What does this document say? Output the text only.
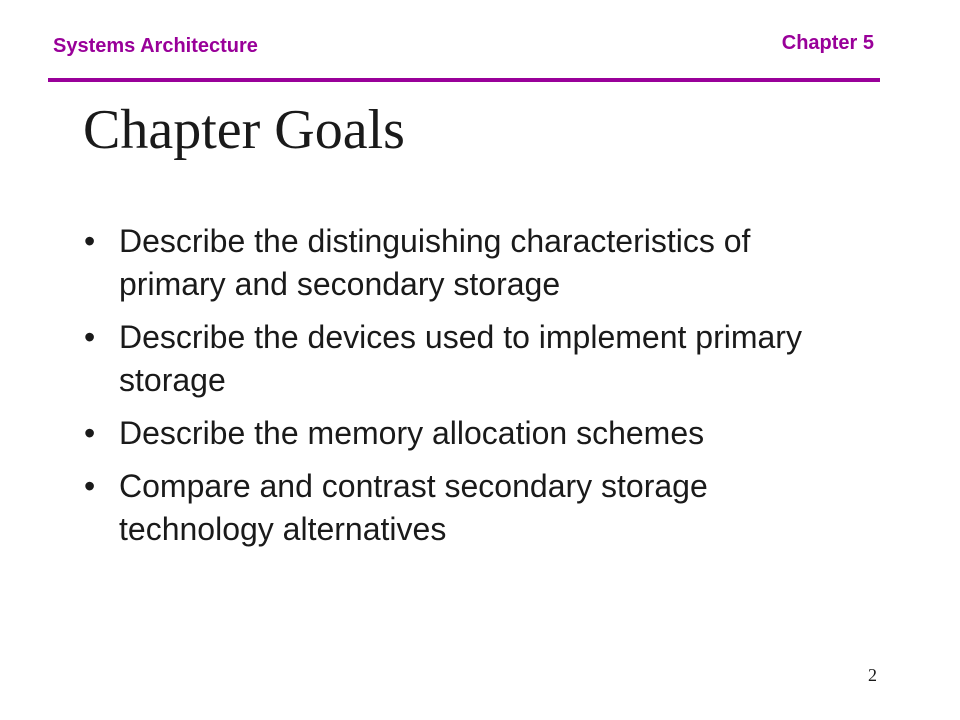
Systems Architecture	Chapter 5
Chapter Goals
• Describe the distinguishing characteristics of primary and secondary storage
• Describe the devices used to implement primary storage
• Describe the memory allocation schemes
• Compare and contrast secondary storage technology alternatives
2
